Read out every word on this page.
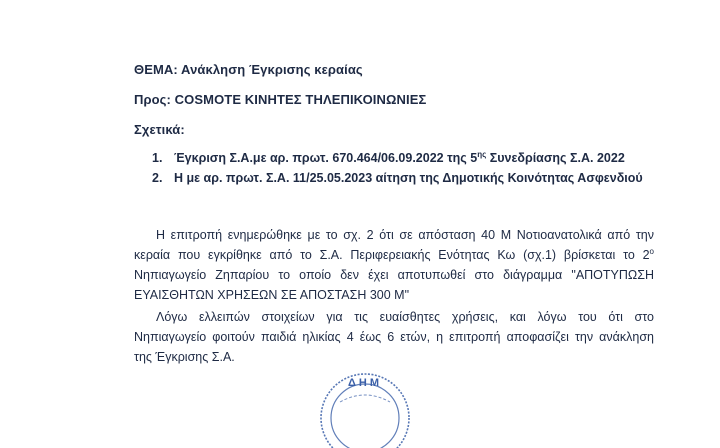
ΘΕΜΑ: Ανάκληση Έγκρισης κεραίας
Προς: COSMOTE ΚΙΝΗΤΕΣ ΤΗΛΕΠΙΚΟΙΝΩΝΙΕΣ
Σχετικά:
1. Έγκριση Σ.Α.με αρ. πρωτ. 670.464/06.09.2022 της $5^{\eta\varsigma}$ Συνεδρίασης Σ.Α. 2022
2. Η με αρ. πρωτ. Σ.Α. 11/25.05.2023 αίτηση της Δημοτικής Κοινότητας Ασφενδιού
Η επιτροπή ενημερώθηκε με το σχ. 2 ότι σε απόσταση 40 Μ Νοτιοανατολικά από την
κεραία που εγκρίθηκε από το Σ.Α. Περιφερειακής Ενότητας Κω (σχ.1) βρίσκεται το $2^o$
Νηπιαγωγείο Ζηπαρίου το οποίο δεν έχει αποτυπωθεί στο διάγραμμα "ΑΠΟΤΥΠΩΣΗ
ΕΥΑΙΣΘΗΤΩΝ ΧΡΗΣΕΩΝ ΣΕ ΑΠΟΣΤΑΣΗ 300 Μ"
Λόγω ελλειπών στοιχείων για τις ευαίσθητες χρήσεις, και λόγω του ότι στο
Νηπιαγωγείο φοιτούν παιδιά ηλικίας 4 έως 6 ετών, η επιτροπή αποφασίζει την ανάκληση
της Έγκρισης Σ.Α.
ΔΗΜ
